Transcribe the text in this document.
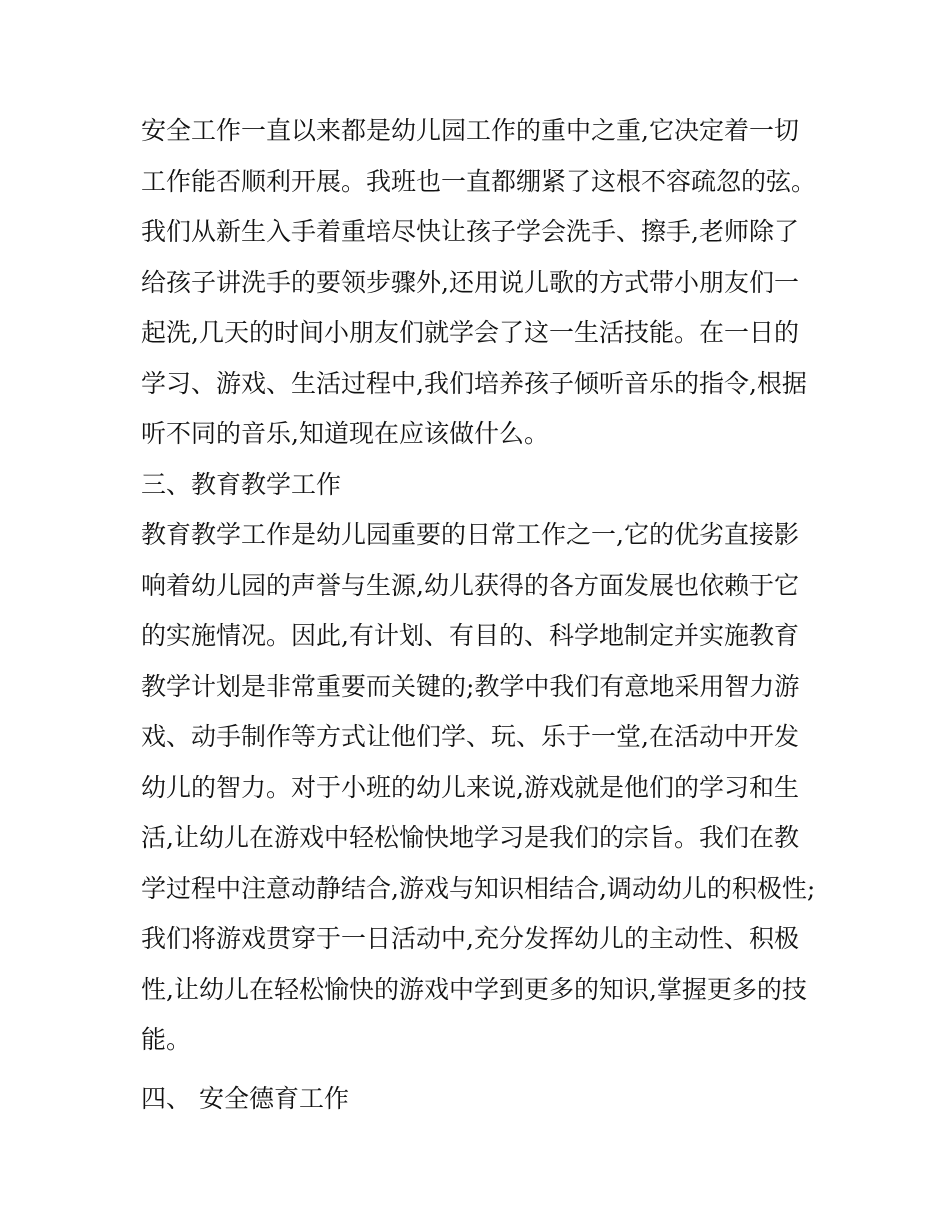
安全工作一直以来都是幼儿园工作的重中之重,它决定着一切
工作能否顺利开展。我班也一直都绷紧了这根不容疏忽的弦。
我们从新生入手着重培尽快让孩子学会洗手、擦手,老师除了
给孩子讲洗手的要领步骤外,还用说儿歌的方式带小朋友们一
起洗,几天的时间小朋友们就学会了这一生活技能。在一日的
学习、游戏、生活过程中,我们培养孩子倾听音乐的指令,根据
听不同的音乐,知道现在应该做什么。
三、教育教学工作
教育教学工作是幼儿园重要的日常工作之一,它的优劣直接影
响着幼儿园的声誉与生源,幼儿获得的各方面发展也依赖于它
的实施情况。因此,有计划、有目的、科学地制定并实施教育
教学计划是非常重要而关键的;教学中我们有意地采用智力游
戏、动手制作等方式让他们学、玩、乐于一堂,在活动中开发
幼儿的智力。对于小班的幼儿来说,游戏就是他们的学习和生
活,让幼儿在游戏中轻松愉快地学习是我们的宗旨。我们在教
学过程中注意动静结合,游戏与知识相结合,调动幼儿的积极性;
我们将游戏贯穿于一日活动中,充分发挥幼儿的主动性、积极
性,让幼儿在轻松愉快的游戏中学到更多的知识,掌握更多的技
能。
四、 安全德育工作
